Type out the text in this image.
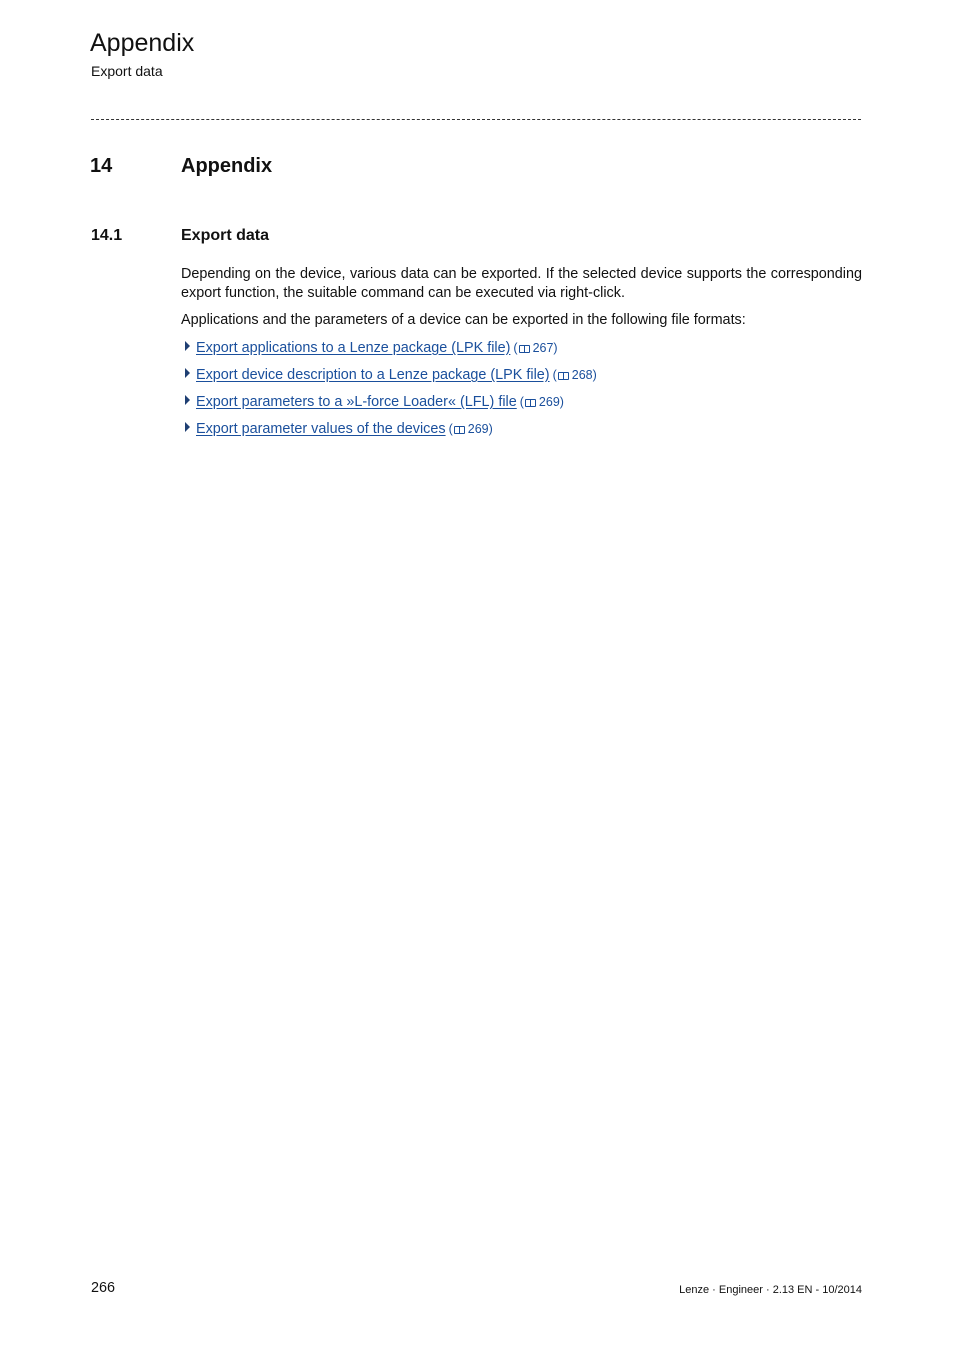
Appendix
Export data
14	Appendix
14.1	Export data

Depending on the device, various data can be exported. If the selected device supports the corresponding export function, the suitable command can be executed via right-click.

Applications and the parameters of a device can be exported in the following file formats:

Export applications to a Lenze package (LPK file) ( 267)
Export device description to a Lenze package (LPK file) ( 268)
Export parameters to a »L-force Loader« (LFL) file ( 269)
Export parameter values of the devices ( 269)
266	Lenze · Engineer · 2.13 EN - 10/2014
